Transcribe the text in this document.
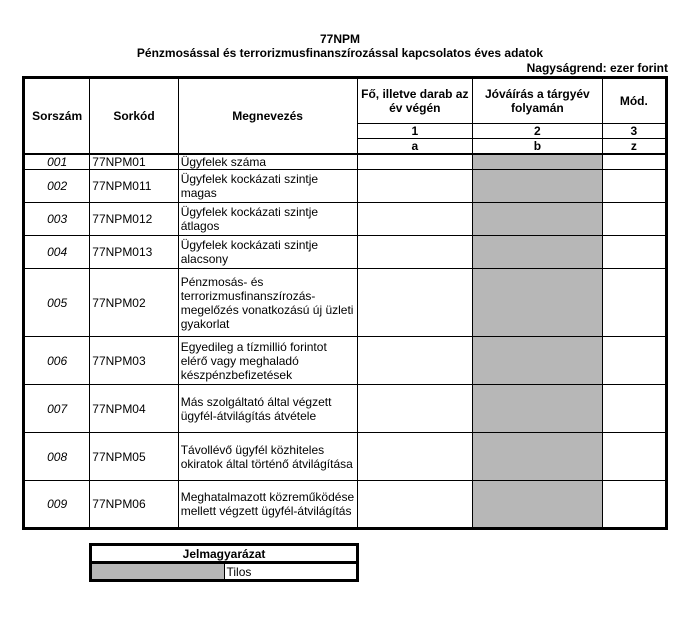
77NPM
Pénzmosással és terrorizmusfinanszírozással kapcsolatos éves adatok
Nagyságrend: ezer forint
Sorszám	Sorkód	Megnevezés	Fő, illetve darab az év végén	Jóváírás a tárgyév folyamán	Mód.
			1	2	3
			a	b	z
001	77NPM01	Ügyfelek száma			
002	77NPM011	Ügyfelek kockázati szintje magas			
003	77NPM012	Ügyfelek kockázati szintje átlagos			
004	77NPM013	Ügyfelek kockázati szintje alacsony			
005	77NPM02	Pénzmosás- és terrorizmusfinanszírozás-megelőzés vonatkozású új üzleti gyakorlat			
006	77NPM03	Egyedileg a tízmillió forintot elérő vagy meghaladó készpénzbefizetések			
007	77NPM04	Más szolgáltató által végzett ügyfél-átvilágítás átvétele			
008	77NPM05	Távollévő ügyfél közhiteles okiratok által történő átvilágítása			
009	77NPM06	Meghatalmazott közreműködése mellett végzett ügyfél-átvilágítás			
Jelmagyarázat
	Tilos
